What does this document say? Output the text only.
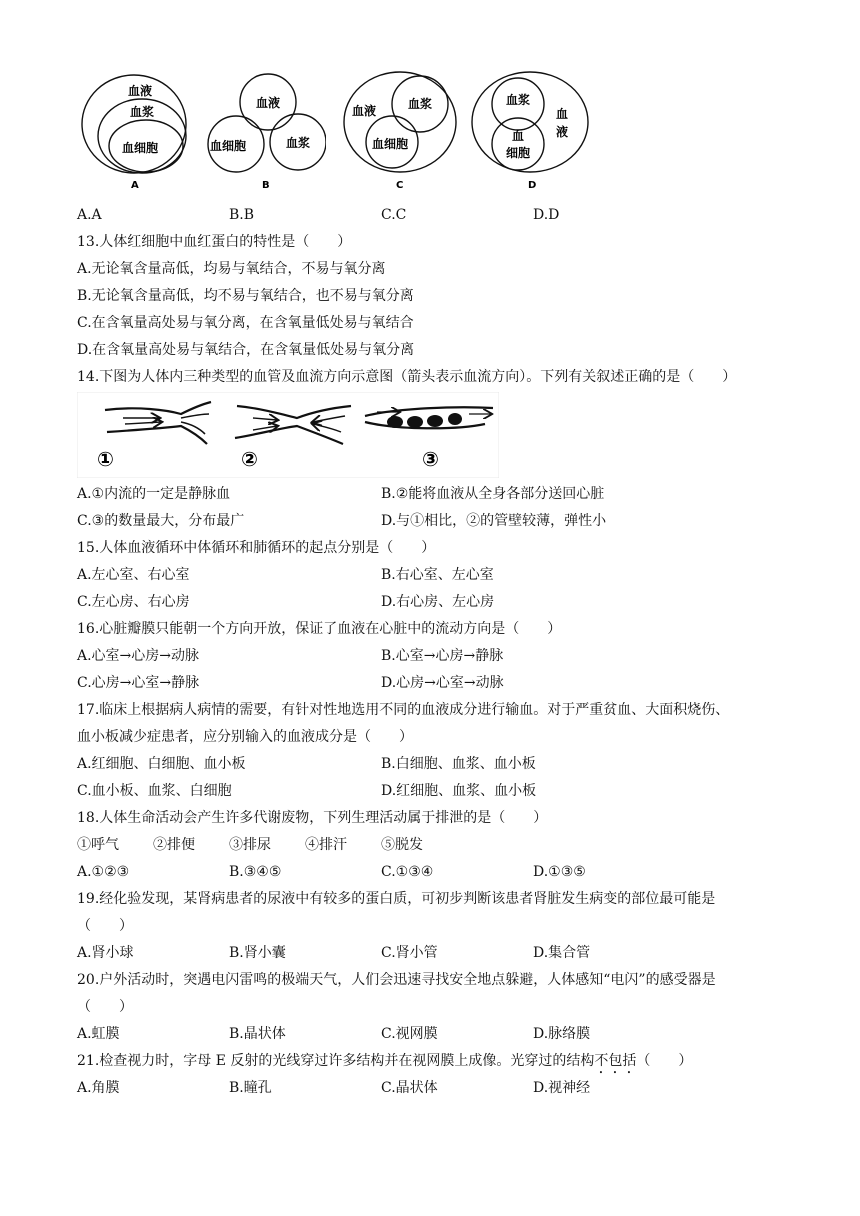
血液
血浆
血细胞
A
血液
血细胞	血浆
B
血液	血浆
血细胞
C
血浆
血
液
血
细胞
D
A.A	B.B	C.C	D.D
13.人体红细胞中血红蛋白的特性是（　　）
A.无论氧含量高低，均易与氧结合，不易与氧分离
B.无论氧含量高低，均不易与氧结合，也不易与氧分离
C.在含氧量高处易与氧分离，在含氧量低处易与氧结合
D.在含氧量高处易与氧结合，在含氧量低处易与氧分离
14.下图为人体内三种类型的血管及血流方向示意图（箭头表示血流方向）。下列有关叙述正确的是（　　）
①	②	③
A.①内流的一定是静脉血	B.②能将血液从全身各部分送回心脏
C.③的数量最大，分布最广	D.与①相比，②的管壁较薄，弹性小
15.人体血液循环中体循环和肺循环的起点分别是（　　）
A.左心室、右心室	B.右心室、左心室
C.左心房、右心房	D.右心房、左心房
16.心脏瓣膜只能朝一个方向开放，保证了血液在心脏中的流动方向是（　　）
A.心室→心房→动脉	B.心室→心房→静脉
C.心房→心室→静脉	D.心房→心室→动脉
17.临床上根据病人病情的需要，有针对性地选用不同的血液成分进行输血。对于严重贫血、大面积烧伤、
血小板减少症患者，应分别输入的血液成分是（　　）
A.红细胞、白细胞、血小板	B.白细胞、血浆、血小板
C.血小板、血浆、白细胞	D.红细胞、血浆、血小板
18.人体生命活动会产生许多代谢废物，下列生理活动属于排泄的是（　　）
①呼气 ②排便 ③排尿 ④排汗 ⑤脱发
A.①②③	B.③④⑤	C.①③④	D.①③⑤
19.经化验发现，某肾病患者的尿液中有较多的蛋白质，可初步判断该患者肾脏发生病变的部位最可能是
（　　）
A.肾小球	B.肾小囊	C.肾小管	D.集合管
20.户外活动时，突遇电闪雷鸣的极端天气，人们会迅速寻找安全地点躲避，人体感知“电闪”的感受器是
（　　）
A.虹膜	B.晶状体	C.视网膜	D.脉络膜
21.检查视力时，字母 E 反射的光线穿过许多结构并在视网膜上成像。光穿过的结构不包括（　　）
A.角膜	B.瞳孔	C.晶状体	D.视神经
